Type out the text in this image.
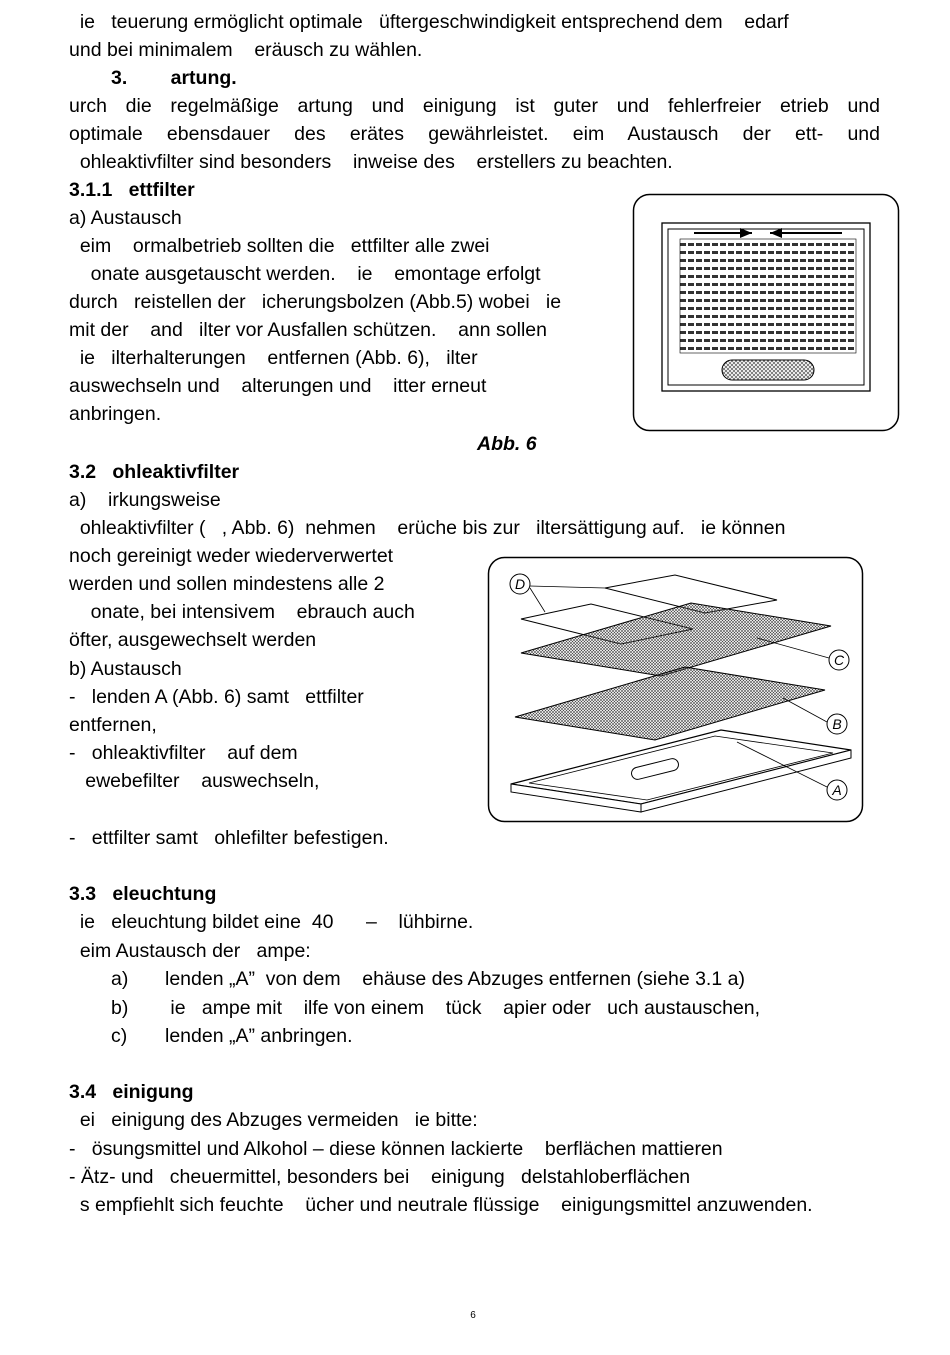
ie   teuerung ermöglicht optimale   üftergeschwindigkeit entsprechend dem    edarf

und bei minimalem    eräusch zu wählen.

3.        artung.

urch die regelmäßige artung und einigung ist guter und fehlerfreier etrieb und

optimale ebensdauer des erätes gewährleistet. eim Austausch der ett- und

ohleaktivfilter sind besonders    inweise des    erstellers zu beachten.

3.1.1   ettfilter

a) Austausch

eim    ormalbetrieb sollten die   ettfilter alle zwei

onate ausgetauscht werden.    ie    emontage erfolgt

durch   reistellen der   icherungsbolzen (Abb.5) wobei   ie

mit der    and   ilter vor Ausfallen schützen.    ann sollen

ie   ilterhalterungen    entfernen (Abb. 6),   ilter

auswechseln und    alterungen und    itter erneut

anbringen.

Abb. 6

3.2   ohleaktivfilter

a)    irkungsweise

ohleaktivfilter (   , Abb. 6)  nehmen    erüche bis zur   iltersättigung auf.   ie können

noch gereinigt weder wiederverwertet

werden und sollen mindestens alle 2

onate, bei intensivem    ebrauch auch

öfter, ausgewechselt werden

b) Austausch

-   lenden A (Abb. 6) samt   ettfilter

entfernen,

-   ohleaktivfilter    auf dem

ewebefilter    auswechseln,

-   ettfilter samt   ohlefilter befestigen.

D
C
B
A

3.3   eleuchtung

ie   eleuchtung bildet eine  40      –    lühbirne.

eim Austausch der   ampe:

a) lenden „A”  von dem    ehäuse des Abzuges entfernen (siehe 3.1 a)

b) ie   ampe mit    ilfe von einem    tück    apier oder   uch austauschen,

c) lenden „A” anbringen.

3.4   einigung

ei   einigung des Abzuges vermeiden   ie bitte:

-   ösungsmittel und Alkohol – diese können lackierte    berflächen mattieren

- Ätz- und   cheuermittel, besonders bei    einigung   delstahloberflächen

s empfiehlt sich feuchte    ücher und neutrale flüssige    einigungsmittel anzuwenden.

6
